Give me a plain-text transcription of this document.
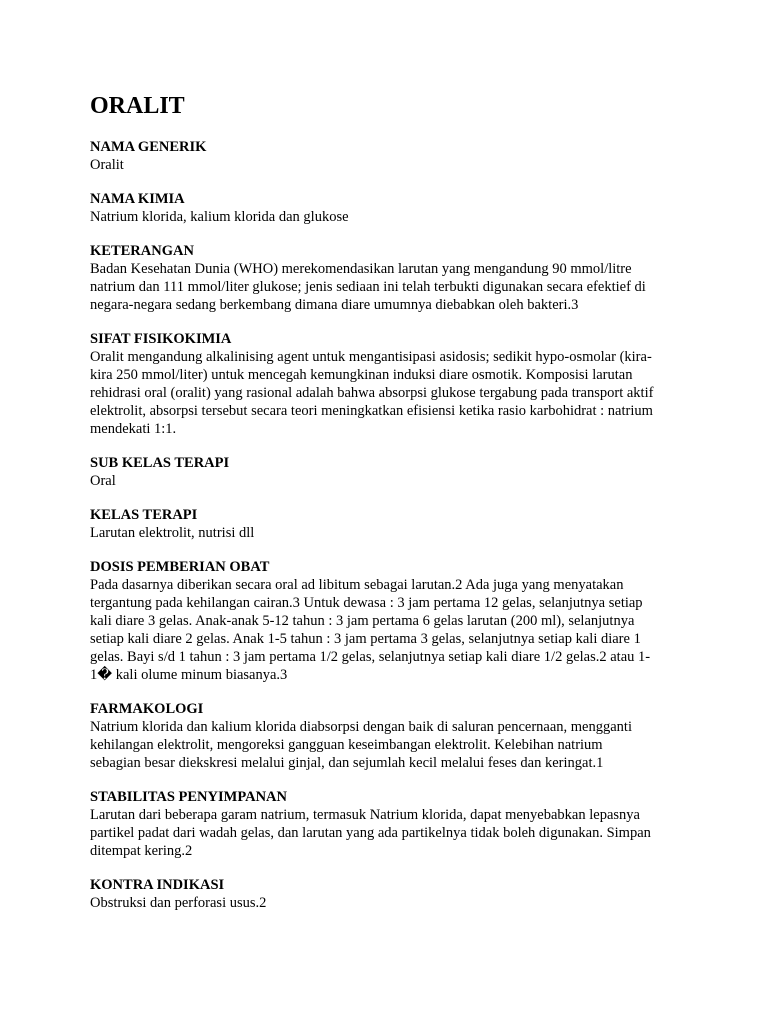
ORALIT
NAMA GENERIK
Oralit
NAMA KIMIA
Natrium klorida, kalium klorida dan glukose
KETERANGAN
Badan Kesehatan Dunia (WHO) merekomendasikan larutan yang mengandung 90 mmol/litre
natrium dan 111 mmol/liter glukose; jenis sediaan ini telah terbukti digunakan secara efektief di
negara-negara sedang berkembang dimana diare umumnya diebabkan oleh bakteri.3
SIFAT FISIKOKIMIA
Oralit mengandung alkalinising agent untuk mengantisipasi asidosis; sedikit hypo-osmolar (kira-
kira 250 mmol/liter) untuk mencegah kemungkinan induksi diare osmotik. Komposisi larutan
rehidrasi oral (oralit) yang rasional adalah bahwa absorpsi glukose tergabung pada transport aktif
elektrolit, absorpsi tersebut secara teori meningkatkan efisiensi ketika rasio karbohidrat : natrium
mendekati 1:1.
SUB KELAS TERAPI
Oral
KELAS TERAPI
Larutan elektrolit, nutrisi dll
DOSIS PEMBERIAN OBAT
Pada dasarnya diberikan secara oral ad libitum sebagai larutan.2 Ada juga yang menyatakan
tergantung pada kehilangan cairan.3 Untuk dewasa : 3 jam pertama 12 gelas, selanjutnya setiap
kali diare 3 gelas. Anak-anak 5-12 tahun : 3 jam pertama 6 gelas larutan (200 ml), selanjutnya
setiap kali diare 2 gelas. Anak 1-5 tahun : 3 jam pertama 3 gelas, selanjutnya setiap kali diare 1
gelas. Bayi s/d 1 tahun : 3 jam pertama 1/2 gelas, selanjutnya setiap kali diare 1/2 gelas.2 atau 1-
1� kali olume minum biasanya.3
FARMAKOLOGI
Natrium klorida dan kalium klorida diabsorpsi dengan baik di saluran pencernaan, mengganti
kehilangan elektrolit, mengoreksi gangguan keseimbangan elektrolit. Kelebihan natrium
sebagian besar diekskresi melalui ginjal, dan sejumlah kecil melalui feses dan keringat.1
STABILITAS PENYIMPANAN
Larutan dari beberapa garam natrium, termasuk Natrium klorida, dapat menyebabkan lepasnya
partikel padat dari wadah gelas, dan larutan yang ada partikelnya tidak boleh digunakan. Simpan
ditempat kering.2
KONTRA INDIKASI
Obstruksi dan perforasi usus.2
